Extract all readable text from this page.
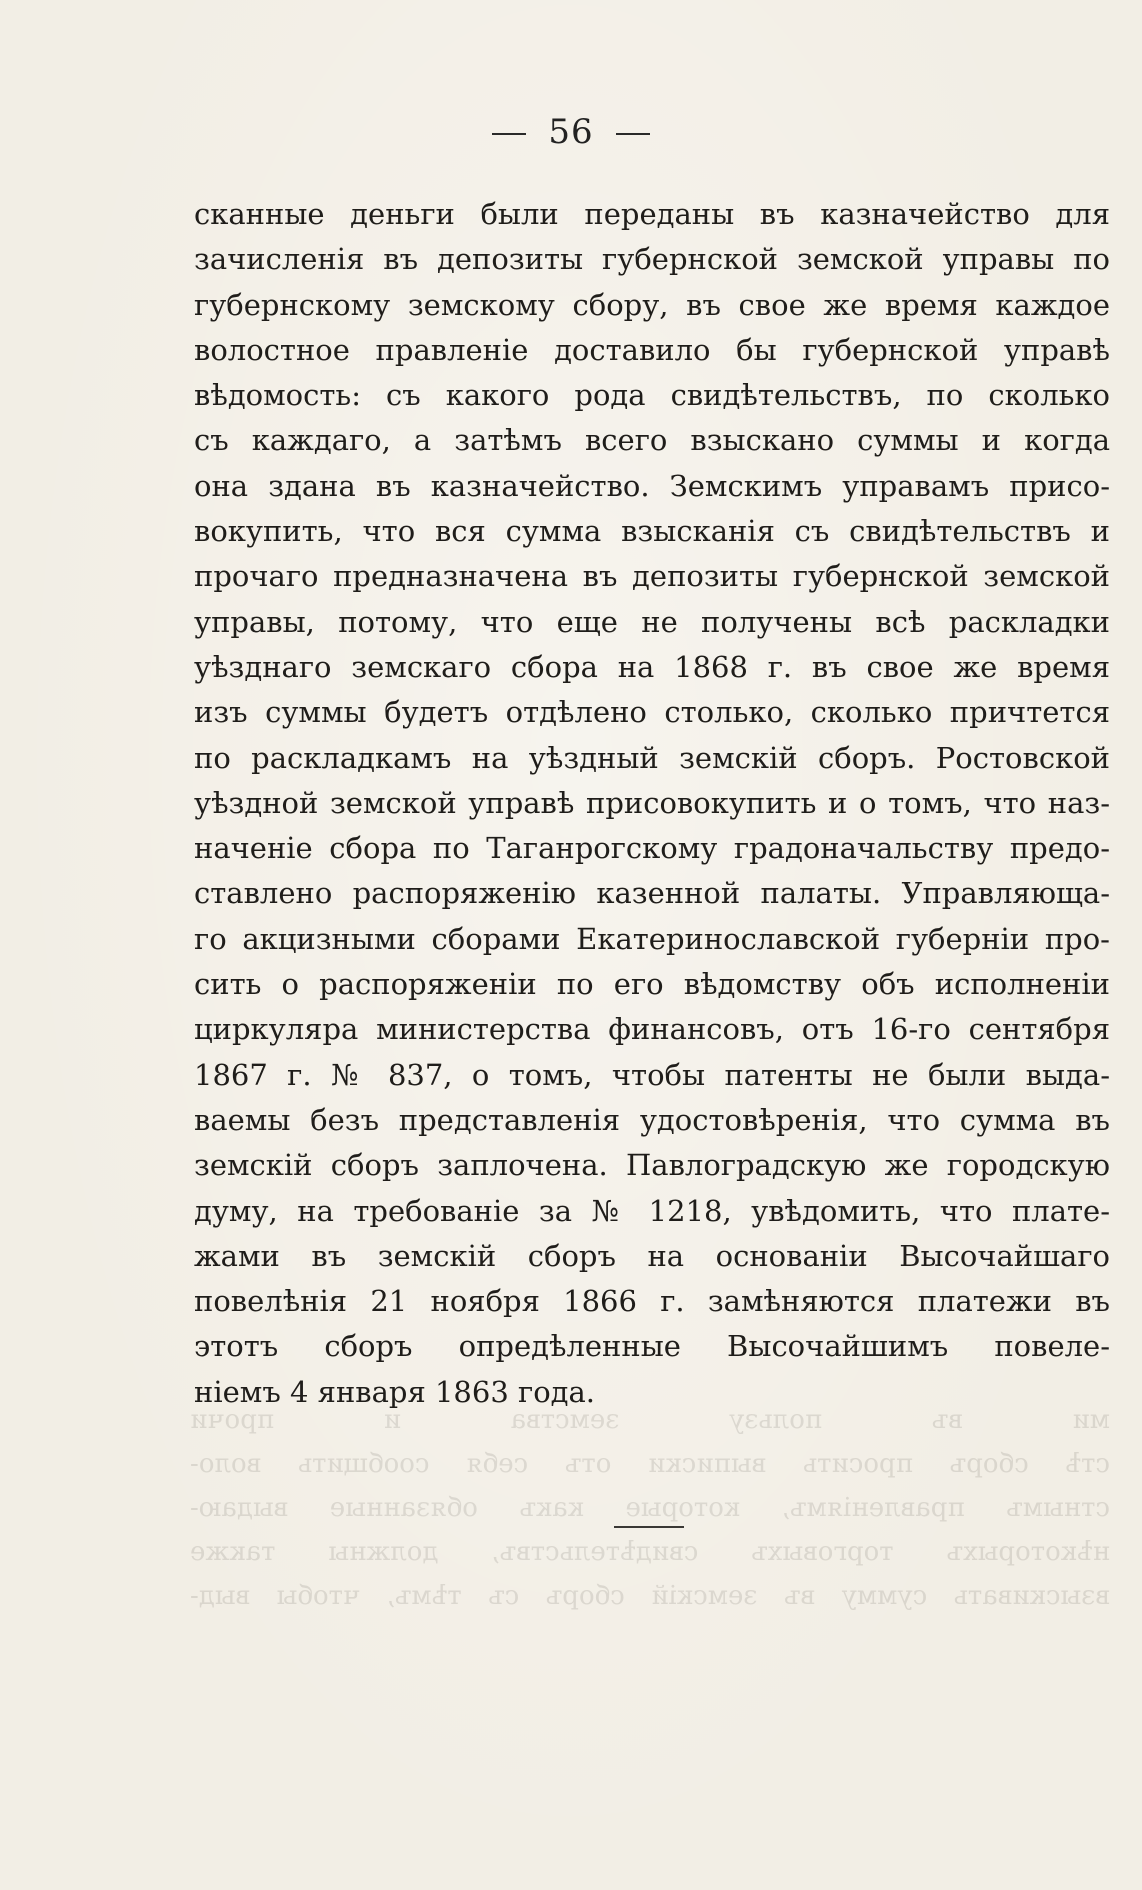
56
ми въ пользу земства и прочи
стѣ сборъ просить выписки отъ себя сообщить воло-
стнымъ правленіямъ, которые какъ обязанные выдаю-
нѣкоторыхъ торговыхъ свидѣтельствъ, должны также
взыскивать сумму въ земскій сборъ съ тѣмъ, чтобы выд-
сканные деньги были переданы въ казначейство для
зачисленія въ депозиты губернской земской управы по
губернскому земскому сбору, въ свое же время каждое
волостное правленіе доставило бы губернской управѣ
вѣдомость: съ какого рода свидѣтельствъ, по сколько
съ каждаго, а затѣмъ всего взыскано суммы и когда
она здана въ казначейство. Земскимъ управамъ присо-
вокупить, что вся сумма взысканія съ свидѣтельствъ и
прочаго предназначена въ депозиты губернской земской
управы, потому, что еще не получены всѣ раскладки
уѣзднаго земскаго сбора на 1868 г. въ свое же время
изъ суммы будетъ отдѣлено столько, сколько причтется
по раскладкамъ на уѣздный земскій сборъ. Ростовской
уѣздной земской управѣ присовокупить и о томъ, что наз-
наченіе сбора по Таганрогскому градоначальству предо-
ставлено распоряженію казенной палаты. Управляюща-
го акцизными сборами Екатеринославской губерніи про-
сить о распоряженіи по его вѣдомству объ исполненіи
циркуляра министерства финансовъ, отъ 16-го сентября
1867 г. № 837, о томъ, чтобы патенты не были выда-
ваемы безъ представленія удостовѣренія, что сумма въ
земскій сборъ заплочена. Павлоградскую же городскую
думу, на требованіе за № 1218, увѣдомить, что плате-
жами въ земскій сборъ на основаніи Высочайшаго
повелѣнія 21 ноября 1866 г. замѣняются платежи въ
этотъ сборъ опредѣленные Высочайшимъ повеле-
ніемъ 4 января 1863 года.
